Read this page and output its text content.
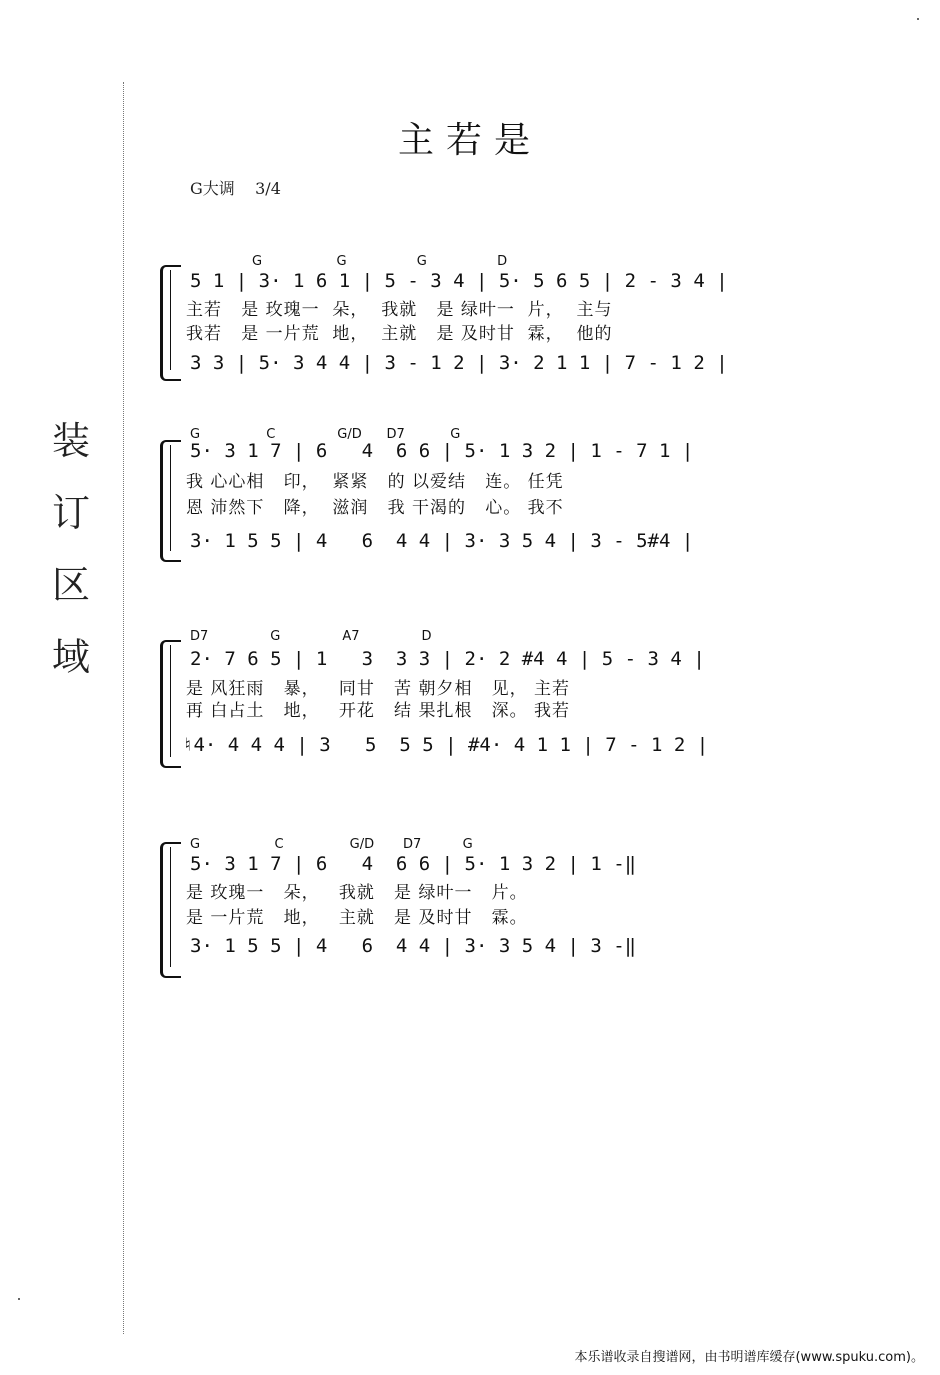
装
订
区
域
主若是
G大调    3/4
G                  G                 G                 D
5 1 | 3· 1 6 1 | 5 - 3 4 | 5· 5 6 5 | 2 - 3 4 |
主若   是 玫瑰一  朵，  我就   是 绿叶一  片，  主与
我若   是 一片荒  地，  主就   是 及时甘  霖，  他的
3 3 | 5· 3 4 4 | 3 - 1 2 | 3· 2 1 1 | 7 - 1 2 |
G                C               G/D      D7           G
5· 3 1 7 | 6   4  6 6 | 5· 1 3 2 | 1 - 7 1 |
我 心心相   印，  紧紧   的 以爱结   连。 任凭
恩 沛然下   降，  滋润   我 干渴的   心。 我不
3· 1 5 5 | 4   6  4 4 | 3· 3 5 4 | 3 - 5#4 |
D7               G               A7               D
2· 7 6 5 | 1   3  3 3 | 2· 2 #4 4 | 5 - 3 4 |
是 风狂雨   暴，   同甘   苦 朝夕相   见， 主若
再 白占土   地，   开花   结 果扎根   深。 我若
♮4· 4 4 4 | 3   5  5 5 | #4· 4 1 1 | 7 - 1 2 |
G                  C                G/D       D7          G
5· 3 1 7 | 6   4  6 6 | 5· 1 3 2 | 1 -‖
是 玫瑰一   朵，   我就   是 绿叶一   片。
是 一片荒   地，   主就   是 及时甘   霖。
3· 1 5 5 | 4   6  4 4 | 3· 3 5 4 | 3 -‖
本乐谱收录自搜谱网，由书明谱库缓存(www.spuku.com)。
